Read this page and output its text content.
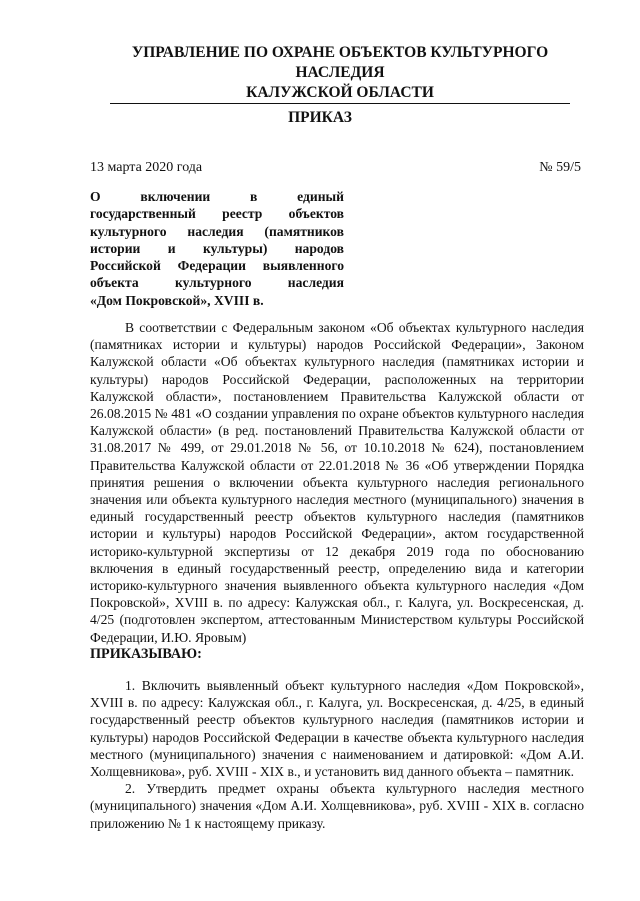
УПРАВЛЕНИЕ ПО ОХРАНЕ ОБЪЕКТОВ КУЛЬТУРНОГО НАСЛЕДИЯ
КАЛУЖСКОЙ ОБЛАСТИ
ПРИКАЗ
13 марта 2020 года	№ 59/5
О включении в единый
государственный реестр объектов
культурного наследия (памятников
истории и культуры) народов
Российской Федерации выявленного
объекта культурного наследия
«Дом Покровской», XVIII в.

В соответствии с Федеральным законом «Об объектах культурного наследия (памятниках истории и культуры) народов Российской Федерации», Законом Калужской области «Об объектах культурного наследия (памятниках истории и культуры) народов Российской Федерации, расположенных на территории Калужской области», постановлением Правительства Калужской области от 26.08.2015 № 481 «О создании управления по охране объектов культурного наследия Калужской области» (в ред. постановлений Правительства Калужской области от 31.08.2017 № 499, от 29.01.2018 № 56, от 10.10.2018 № 624), постановлением Правительства Калужской области от 22.01.2018 № 36 «Об утверждении Порядка принятия решения о включении объекта культурного наследия регионального значения или объекта культурного наследия местного (муниципального) значения в единый государственный реестр объектов культурного наследия (памятников истории и культуры) народов Российской Федерации», актом государственной историко-культурной экспертизы от 12 декабря 2019 года по обоснованию включения в единый государственный реестр, определению вида и категории историко-культурного значения выявленного объекта культурного наследия «Дом Покровской», XVIII в. по адресу: Калужская обл., г. Калуга, ул. Воскресенская, д. 4/25 (подготовлен экспертом, аттестованным Министерством культуры Российской Федерации, И.Ю. Яровым)

ПРИКАЗЫВАЮ:

1. Включить выявленный объект культурного наследия «Дом Покровской», XVIII в. по адресу: Калужская обл., г. Калуга, ул. Воскресенская, д. 4/25, в единый государственный реестр объектов культурного наследия (памятников истории и культуры) народов Российской Федерации в качестве объекта культурного наследия местного (муниципального) значения с наименованием и датировкой: «Дом А.И. Холщевникова», руб. XVIII - XIX в., и установить вид данного объекта – памятник.

2. Утвердить предмет охраны объекта культурного наследия местного (муниципального) значения «Дом А.И. Холщевникова», руб. XVIII - XIX в. согласно приложению № 1 к настоящему приказу.
